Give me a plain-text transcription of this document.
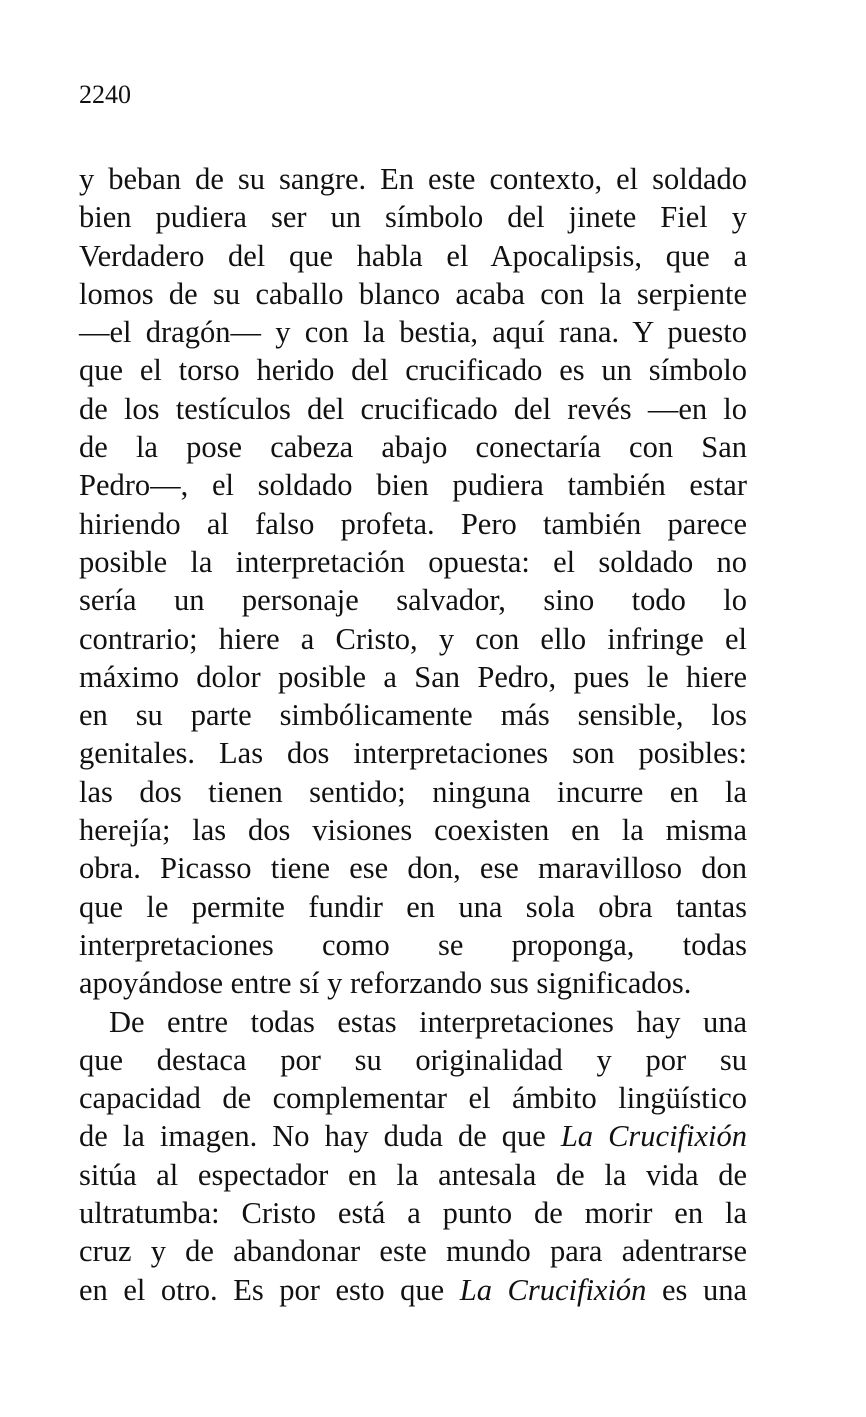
2240
y beban de su sangre. En este contexto, el soldado
bien pudiera ser un símbolo del jinete Fiel y
Verdadero del que habla el Apocalipsis, que a
lomos de su caballo blanco acaba con la serpiente
—el dragón— y con la bestia, aquí rana. Y puesto
que el torso herido del crucificado es un símbolo
de los testículos del crucificado del revés —en lo
de la pose cabeza abajo conectaría con San
Pedro—, el soldado bien pudiera también estar
hiriendo al falso profeta. Pero también parece
posible la interpretación opuesta: el soldado no
sería un personaje salvador, sino todo lo
contrario; hiere a Cristo, y con ello infringe el
máximo dolor posible a San Pedro, pues le hiere
en su parte simbólicamente más sensible, los
genitales. Las dos interpretaciones son posibles:
las dos tienen sentido; ninguna incurre en la
herejía; las dos visiones coexisten en la misma
obra. Picasso tiene ese don, ese maravilloso don
que le permite fundir en una sola obra tantas
interpretaciones como se proponga, todas
apoyándose entre sí y reforzando sus significados.
De entre todas estas interpretaciones hay una
que destaca por su originalidad y por su
capacidad de complementar el ámbito lingüístico
de la imagen. No hay duda de que La Crucifixión
sitúa al espectador en la antesala de la vida de
ultratumba: Cristo está a punto de morir en la
cruz y de abandonar este mundo para adentrarse
en el otro. Es por esto que La Crucifixión es una
